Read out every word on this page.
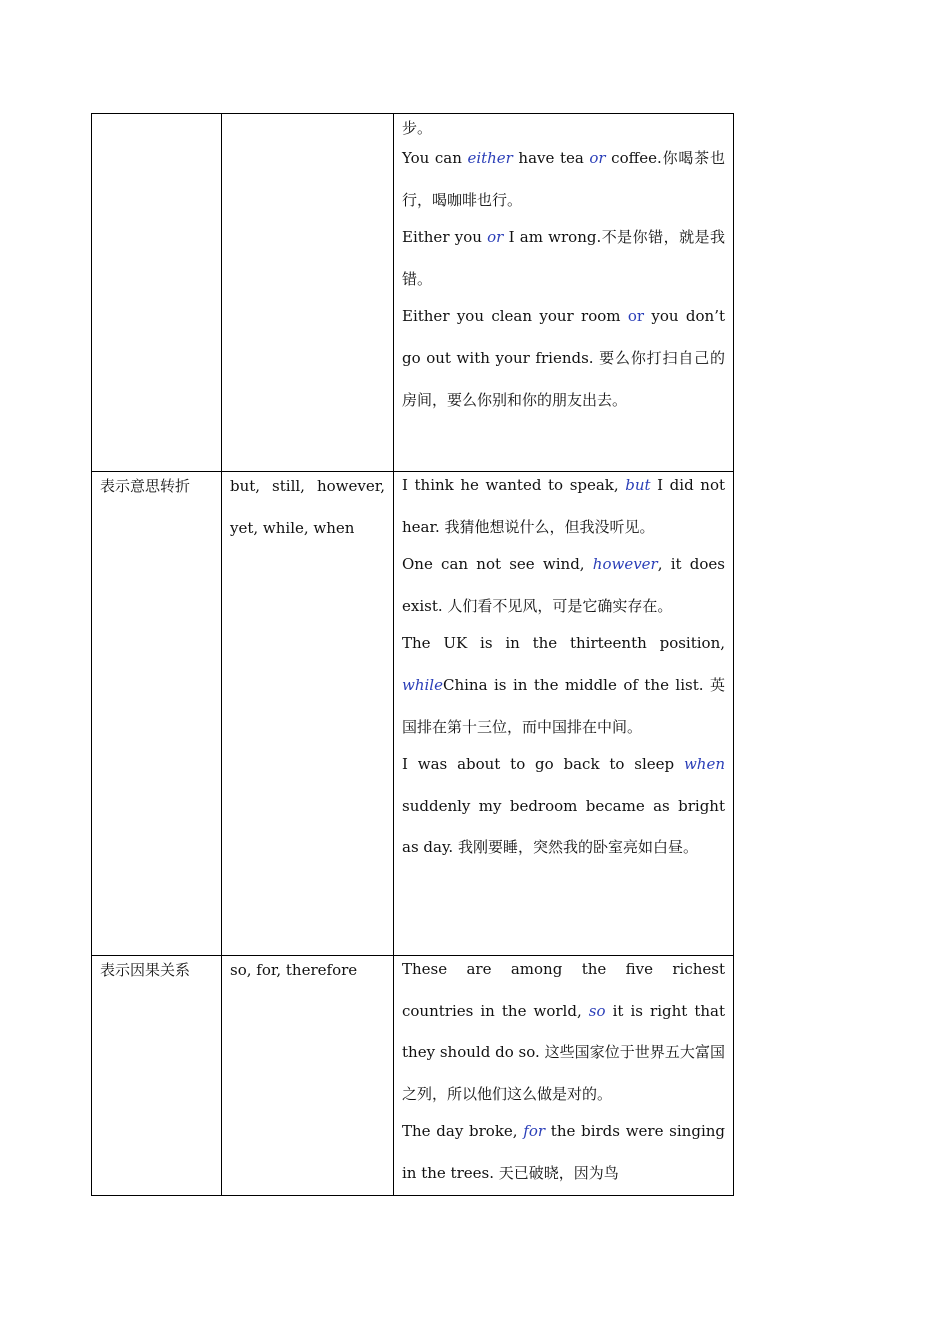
		步。

You can either have tea or coffee.你喝茶也行，喝咖啡也行。

Either you or I am wrong.不是你错，就是我错。

Either you clean your room or you don’t go out with your friends. 要么你打扫自己的房间，要么你别和你的朋友出去。

表示意思转折	but, still, however, yet, while, when	I think he wanted to speak, but I did not hear. 我猜他想说什么，但我没听见。

One can not see wind, however, it does exist. 人们看不见风，可是它确实存在。

The UK is in the thirteenth position, whileChina is in the middle of the list. 英国排在第十三位，而中国排在中间。

I was about to go back to sleep when suddenly my bedroom became as bright as day. 我刚要睡，突然我的卧室亮如白昼。

表示因果关系	so, for, therefore	These are among the five richest countries in the world, so it is right that they should do so. 这些国家位于世界五大富国之列，所以他们这么做是对的。

The day broke, for the birds were singing in the trees. 天已破晓，因为鸟
